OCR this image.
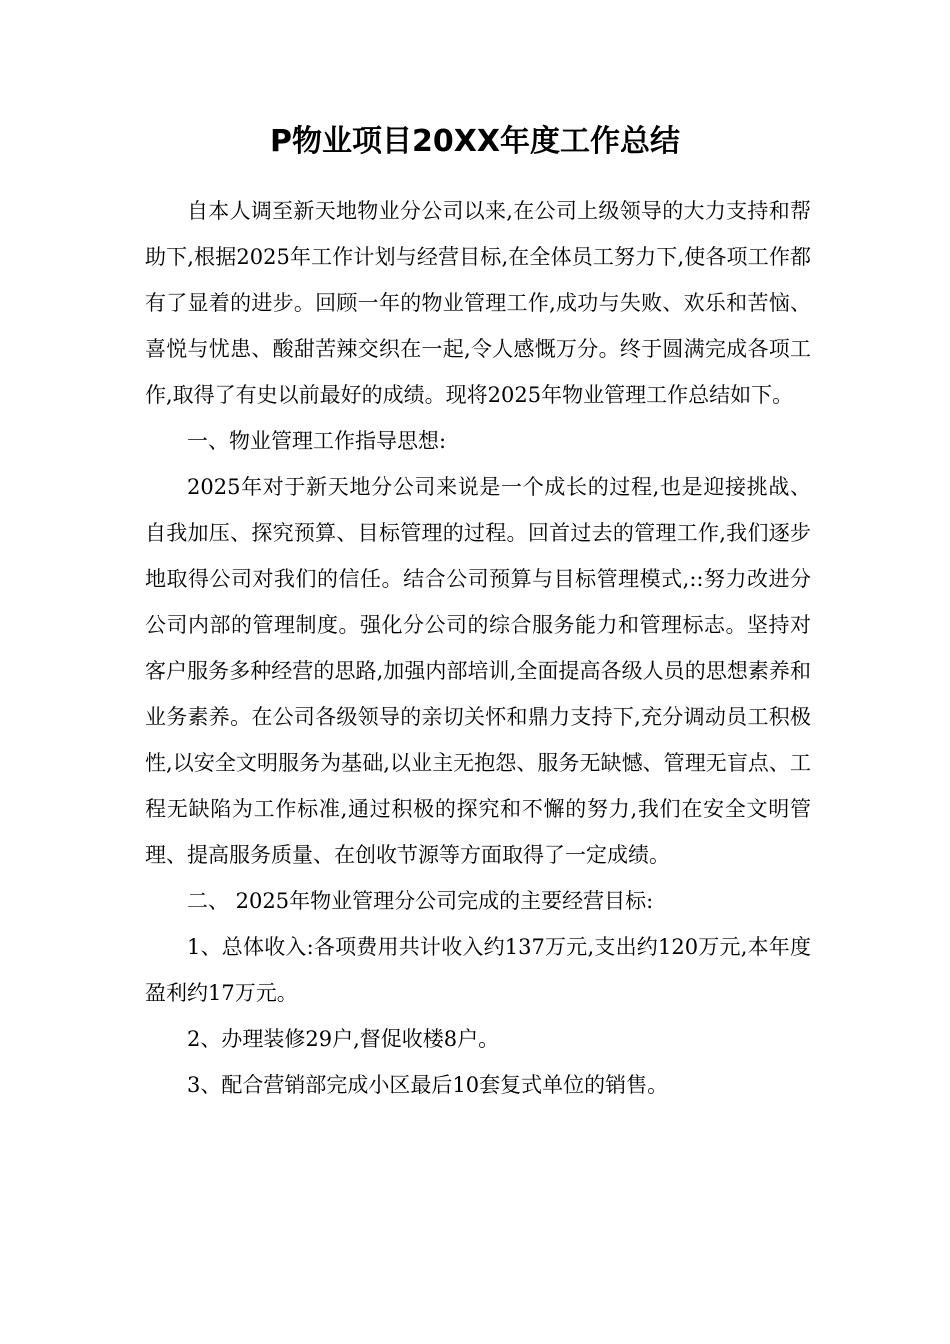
P物业项目20XX年度工作总结

自本人调至新天地物业分公司以来,在公司上级领导的大力支持和帮助下,根据2025年工作计划与经营目标,在全体员工努力下,使各项工作都有了显着的进步。回顾一年的物业管理工作,成功与失败、欢乐和苦恼、喜悦与忧患、酸甜苦辣交织在一起,令人感慨万分。终于圆满完成各项工作,取得了有史以前最好的成绩。现将2025年物业管理工作总结如下。

一、物业管理工作指导思想:

2025年对于新天地分公司来说是一个成长的过程,也是迎接挑战、自我加压、探究预算、目标管理的过程。回首过去的管理工作,我们逐步地取得公司对我们的信任。结合公司预算与目标管理模式,::努力改进分公司内部的管理制度。强化分公司的综合服务能力和管理标志。坚持对客户服务多种经营的思路,加强内部培训,全面提高各级人员的思想素养和业务素养。在公司各级领导的亲切关怀和鼎力支持下,充分调动员工积极性,以安全文明服务为基础,以业主无抱怨、服务无缺憾、管理无盲点、工程无缺陷为工作标准,通过积极的探究和不懈的努力,我们在安全文明管理、提高服务质量、在创收节源等方面取得了一定成绩。

二、 2025年物业管理分公司完成的主要经营目标:

1、总体收入:各项费用共计收入约137万元,支出约120万元,本年度盈利约17万元。

2、办理装修29户,督促收楼8户。

3、配合营销部完成小区最后10套复式单位的销售。
